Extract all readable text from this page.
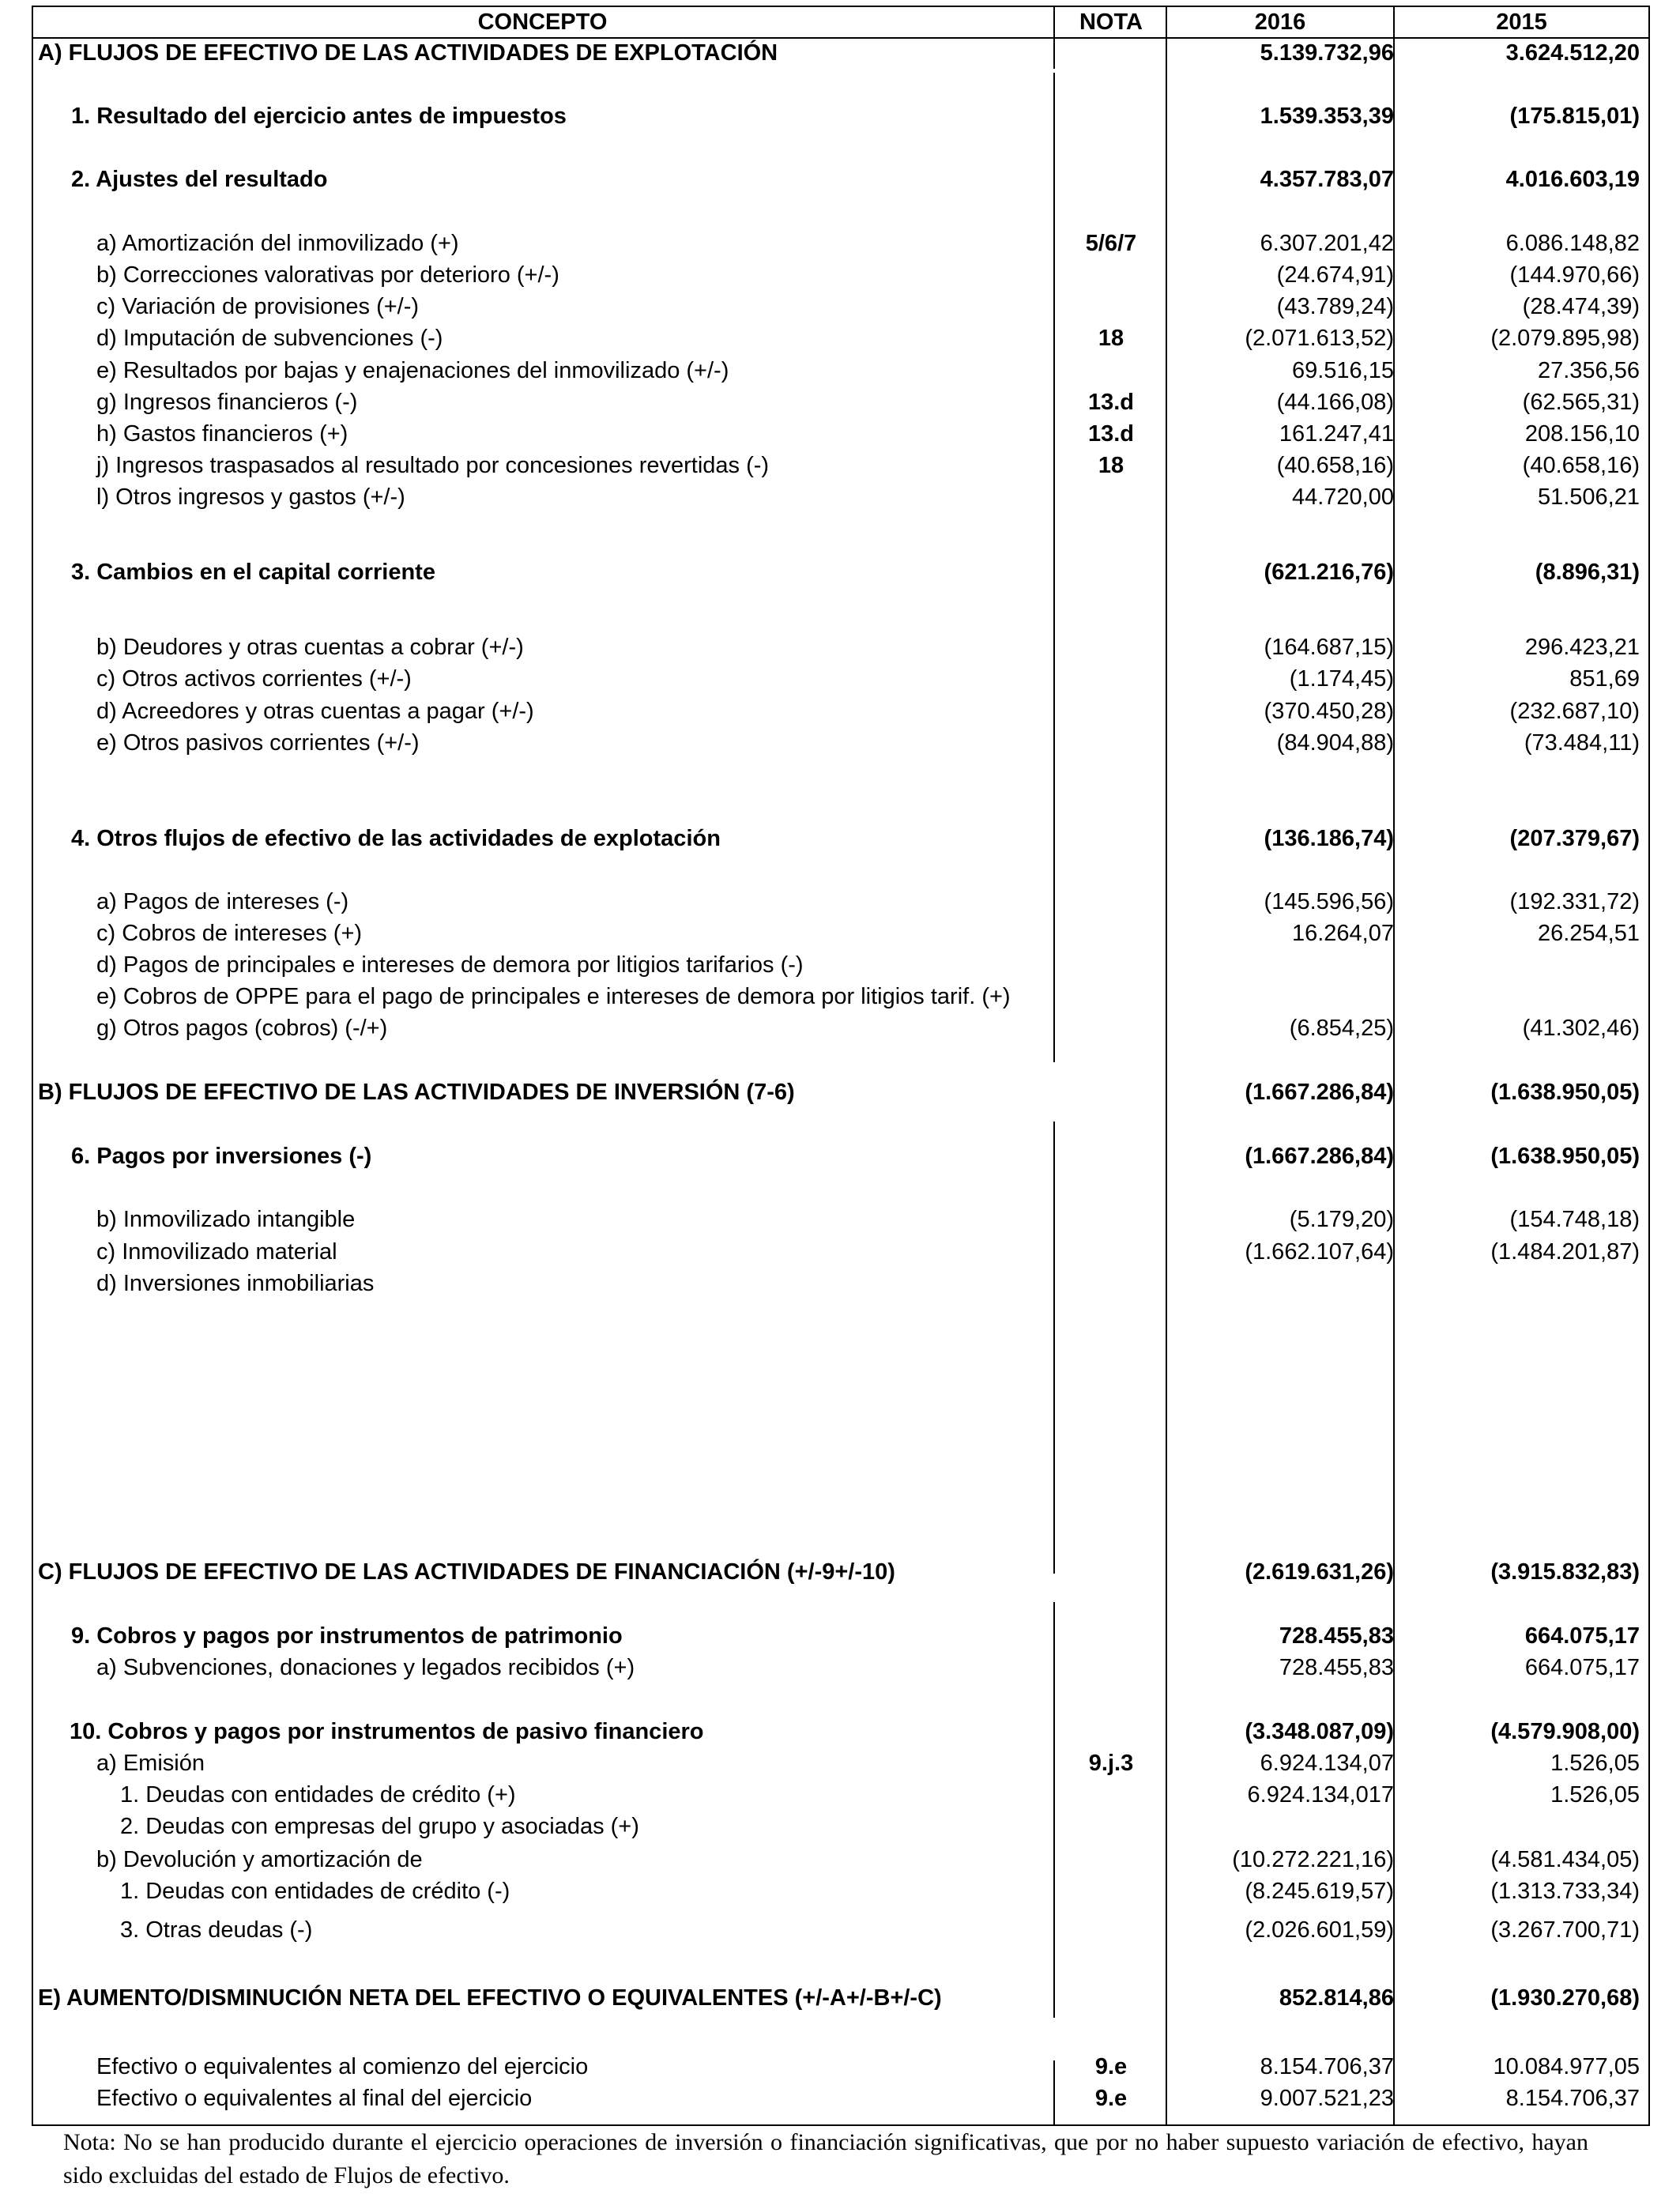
CONCEPTO	NOTA	2016	2015
A) FLUJOS DE EFECTIVO DE LAS ACTIVIDADES DE EXPLOTACIÓN	5.139.732,96	3.624.512,20
1. Resultado del ejercicio antes de impuestos	1.539.353,39	(175.815,01)
2. Ajustes del resultado	4.357.783,07	4.016.603,19
a) Amortización del inmovilizado (+)	5/6/7	6.307.201,42	6.086.148,82
b) Correcciones valorativas por deterioro (+/-)	(24.674,91)	(144.970,66)
c) Variación de provisiones (+/-)	(43.789,24)	(28.474,39)
d) Imputación de subvenciones (-)	18	(2.071.613,52)	(2.079.895,98)
e) Resultados por bajas y enajenaciones del inmovilizado (+/-)	69.516,15	27.356,56
g) Ingresos financieros (-)	13.d	(44.166,08)	(62.565,31)
h) Gastos financieros (+)	13.d	161.247,41	208.156,10
j) Ingresos traspasados al resultado por concesiones revertidas (-)	18	(40.658,16)	(40.658,16)
l) Otros ingresos y gastos (+/-)	44.720,00	51.506,21
3. Cambios en el capital corriente	(621.216,76)	(8.896,31)
b) Deudores y otras cuentas a cobrar (+/-)	(164.687,15)	296.423,21
c) Otros activos corrientes (+/-)	(1.174,45)	851,69
d) Acreedores y otras cuentas a pagar (+/-)	(370.450,28)	(232.687,10)
e) Otros pasivos corrientes (+/-)	(84.904,88)	(73.484,11)
4. Otros flujos de efectivo de las actividades de explotación	(136.186,74)	(207.379,67)
a) Pagos de intereses (-)	(145.596,56)	(192.331,72)
c) Cobros de intereses (+)	16.264,07	26.254,51
d) Pagos de principales e intereses de demora por litigios tarifarios (-)
e) Cobros de OPPE para el pago de principales e intereses de demora por litigios tarif. (+)
g) Otros pagos (cobros) (-/+)	(6.854,25)	(41.302,46)
B) FLUJOS DE EFECTIVO DE LAS ACTIVIDADES DE INVERSIÓN (7-6)	(1.667.286,84)	(1.638.950,05)
6. Pagos por inversiones (-)	(1.667.286,84)	(1.638.950,05)
b) Inmovilizado intangible	(5.179,20)	(154.748,18)
c) Inmovilizado material	(1.662.107,64)	(1.484.201,87)
d) Inversiones inmobiliarias
C) FLUJOS DE EFECTIVO DE LAS ACTIVIDADES DE FINANCIACIÓN (+/-9+/-10)	(2.619.631,26)	(3.915.832,83)
9. Cobros y pagos por instrumentos de patrimonio	728.455,83	664.075,17
a) Subvenciones, donaciones y legados recibidos (+)	728.455,83	664.075,17
10. Cobros y pagos por instrumentos de pasivo financiero	(3.348.087,09)	(4.579.908,00)
a) Emisión	9.j.3	6.924.134,07	1.526,05
1. Deudas con entidades de crédito (+)	6.924.134,017	1.526,05
2. Deudas con empresas del grupo y asociadas (+)
b) Devolución y amortización de	(10.272.221,16)	(4.581.434,05)
1. Deudas con entidades de crédito (-)	(8.245.619,57)	(1.313.733,34)
3. Otras deudas (-)	(2.026.601,59)	(3.267.700,71)
E) AUMENTO/DISMINUCIÓN NETA DEL EFECTIVO O EQUIVALENTES (+/-A+/-B+/-C)	852.814,86	(1.930.270,68)
Efectivo o equivalentes al comienzo del ejercicio	9.e	8.154.706,37	10.084.977,05
Efectivo o equivalentes al final del ejercicio	9.e	9.007.521,23	8.154.706,37
Nota: No se han producido durante el ejercicio operaciones de inversión o financiación significativas, que por no haber supuesto variación de efectivo, hayan sido excluidas del estado de Flujos de efectivo.
